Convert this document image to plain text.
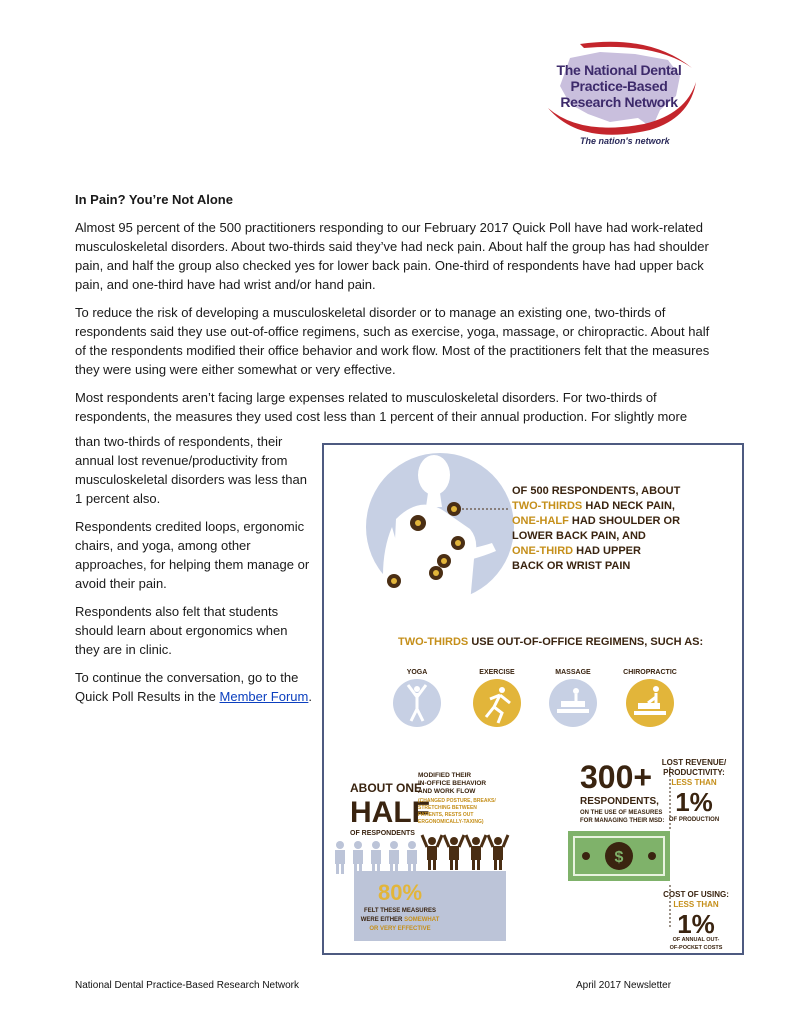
The National Dental
Practice-Based
Research Network
The nation's network
In Pain? You’re Not Alone

Almost 95 percent of the 500 practitioners responding to our February 2017 Quick Poll have had work-related musculoskeletal disorders. About two-thirds said they’ve had neck pain. About half the group has had shoulder pain, and half the group also checked yes for lower back pain. One-third of respondents have had upper back pain, and one-third have had wrist and/or hand pain.

To reduce the risk of developing a musculoskeletal disorder or to manage an existing one, two-thirds of respondents said they use out-of-office regimens, such as exercise, yoga, massage, or chiropractic. About half of the respondents modified their office behavior and work flow. Most of the practitioners felt that the measures they were using were either somewhat or very effective.

Most respondents aren’t facing large expenses related to musculoskeletal disorders. For two-thirds of respondents, the measures they used cost less than 1 percent of their annual production. For slightly more

than two-thirds of respondents, their annual lost revenue/productivity from musculoskeletal disorders was less than 1 percent also.

Respondents credited loops, ergonomic chairs, and yoga, among other approaches, for helping them manage or avoid their pain.

Respondents also felt that students should learn about ergonomics when they are in clinic.

To continue the conversation, go to the Quick Poll Results in the Member Forum.

OF 500 RESPONDENTS, ABOUT
TWO-THIRDS HAD NECK PAIN,
ONE-HALF HAD SHOULDER OR
LOWER BACK PAIN, AND
ONE-THIRD HAD UPPER
BACK OR WRIST PAIN
TWO-THIRDS USE OUT-OF-OFFICE REGIMENS, SUCH AS:
YOGA	EXERCISE	MASSAGE	CHIROPRACTIC
ABOUT ONE
HALF
OF RESPONDENTS
MODIFIED THEIR
IN-OFFICE BEHAVIOR
AND WORK FLOW
(CHANGED POSTURE, BREAKS/
STRETCHING BETWEEN
PATIENTS, RESTS OUT
ERGONOMICALLY-TAXING)
80%
FELT THESE MEASURES
WERE EITHER SOMEWHAT
OR VERY EFFECTIVE
300+
RESPONDENTS,
ON THE USE OF MEASURES
FOR MANAGING THEIR MSD:
LOST REVENUE/
PRODUCTIVITY:
LESS THAN
1%
OF PRODUCTION
$
COST OF USING:
LESS THAN
1%
OF ANNUAL OUT-
OF-POCKET COSTS
National Dental Practice-Based Research Network	April 2017 Newsletter
